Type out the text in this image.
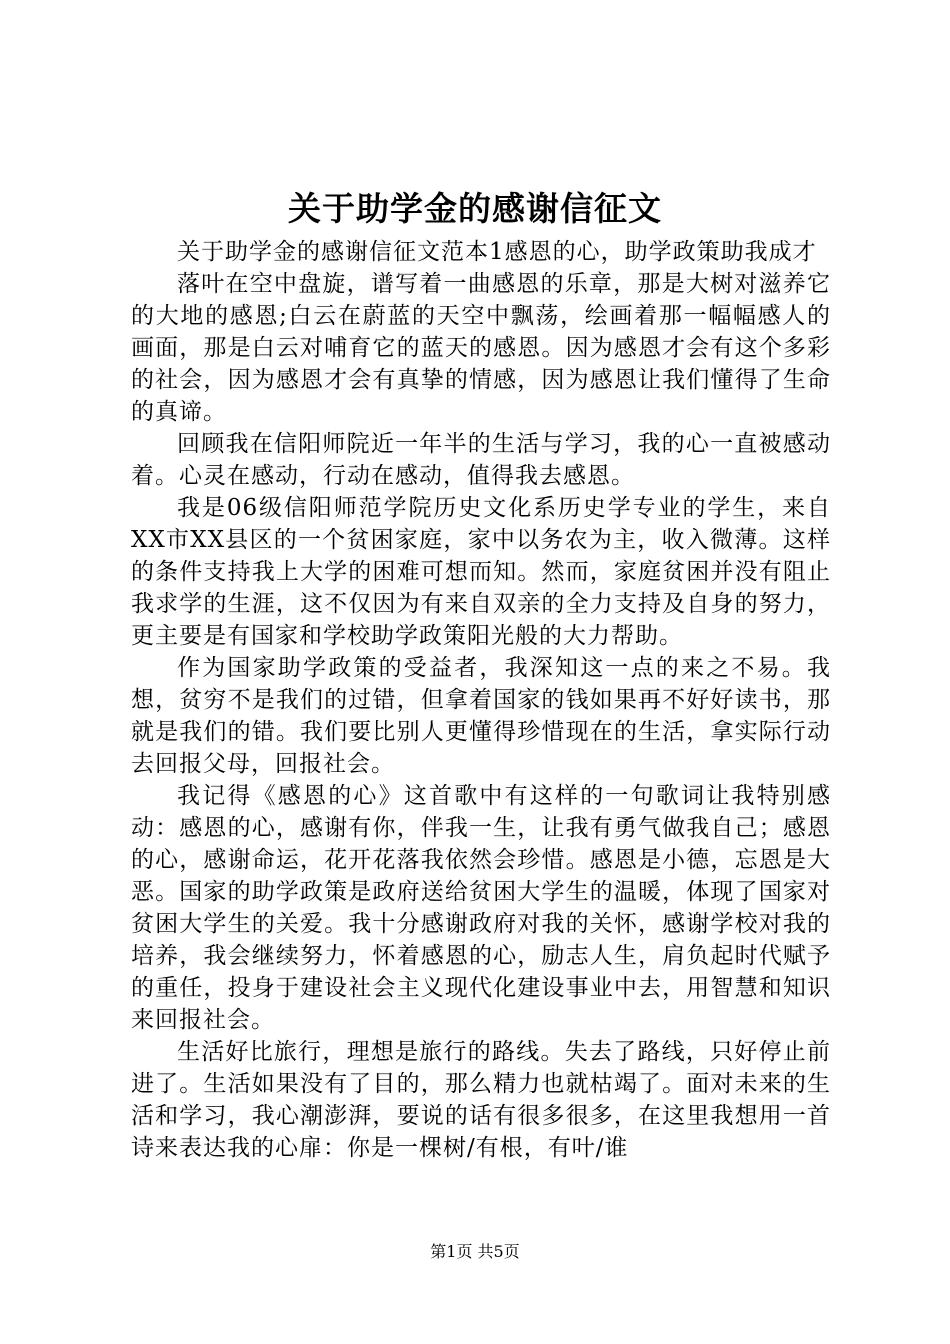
关于助学金的感谢信征文

关于助学金的感谢信征文范本1感恩的心，助学政策助我成才

落叶在空中盘旋，谱写着一曲感恩的乐章，那是大树对滋养它的大地的感恩;白云在蔚蓝的天空中飘荡，绘画着那一幅幅感人的画面，那是白云对哺育它的蓝天的感恩。因为感恩才会有这个多彩的社会，因为感恩才会有真挚的情感，因为感恩让我们懂得了生命的真谛。

回顾我在信阳师院近一年半的生活与学习，我的心一直被感动着。心灵在感动，行动在感动，值得我去感恩。

我是06级信阳师范学院历史文化系历史学专业的学生，来自XX市XX县区的一个贫困家庭，家中以务农为主，收入微薄。这样的条件支持我上大学的困难可想而知。然而，家庭贫困并没有阻止我求学的生涯，这不仅因为有来自双亲的全力支持及自身的努力，更主要是有国家和学校助学政策阳光般的大力帮助。

作为国家助学政策的受益者，我深知这一点的来之不易。我想，贫穷不是我们的过错，但拿着国家的钱如果再不好好读书，那就是我们的错。我们要比别人更懂得珍惜现在的生活，拿实际行动去回报父母，回报社会。

我记得《感恩的心》这首歌中有这样的一句歌词让我特别感动：感恩的心，感谢有你，伴我一生，让我有勇气做我自己；感恩的心，感谢命运，花开花落我依然会珍惜。感恩是小德，忘恩是大恶。国家的助学政策是政府送给贫困大学生的温暖，体现了国家对贫困大学生的关爱。我十分感谢政府对我的关怀，感谢学校对我的培养，我会继续努力，怀着感恩的心，励志人生，肩负起时代赋予的重任，投身于建设社会主义现代化建设事业中去，用智慧和知识来回报社会。

生活好比旅行，理想是旅行的路线。失去了路线，只好停止前进了。生活如果没有了目的，那么精力也就枯竭了。面对未来的生活和学习，我心潮澎湃，要说的话有很多很多，在这里我想用一首诗来表达我的心扉：你是一棵树/有根，有叶/谁

第1页 共5页
